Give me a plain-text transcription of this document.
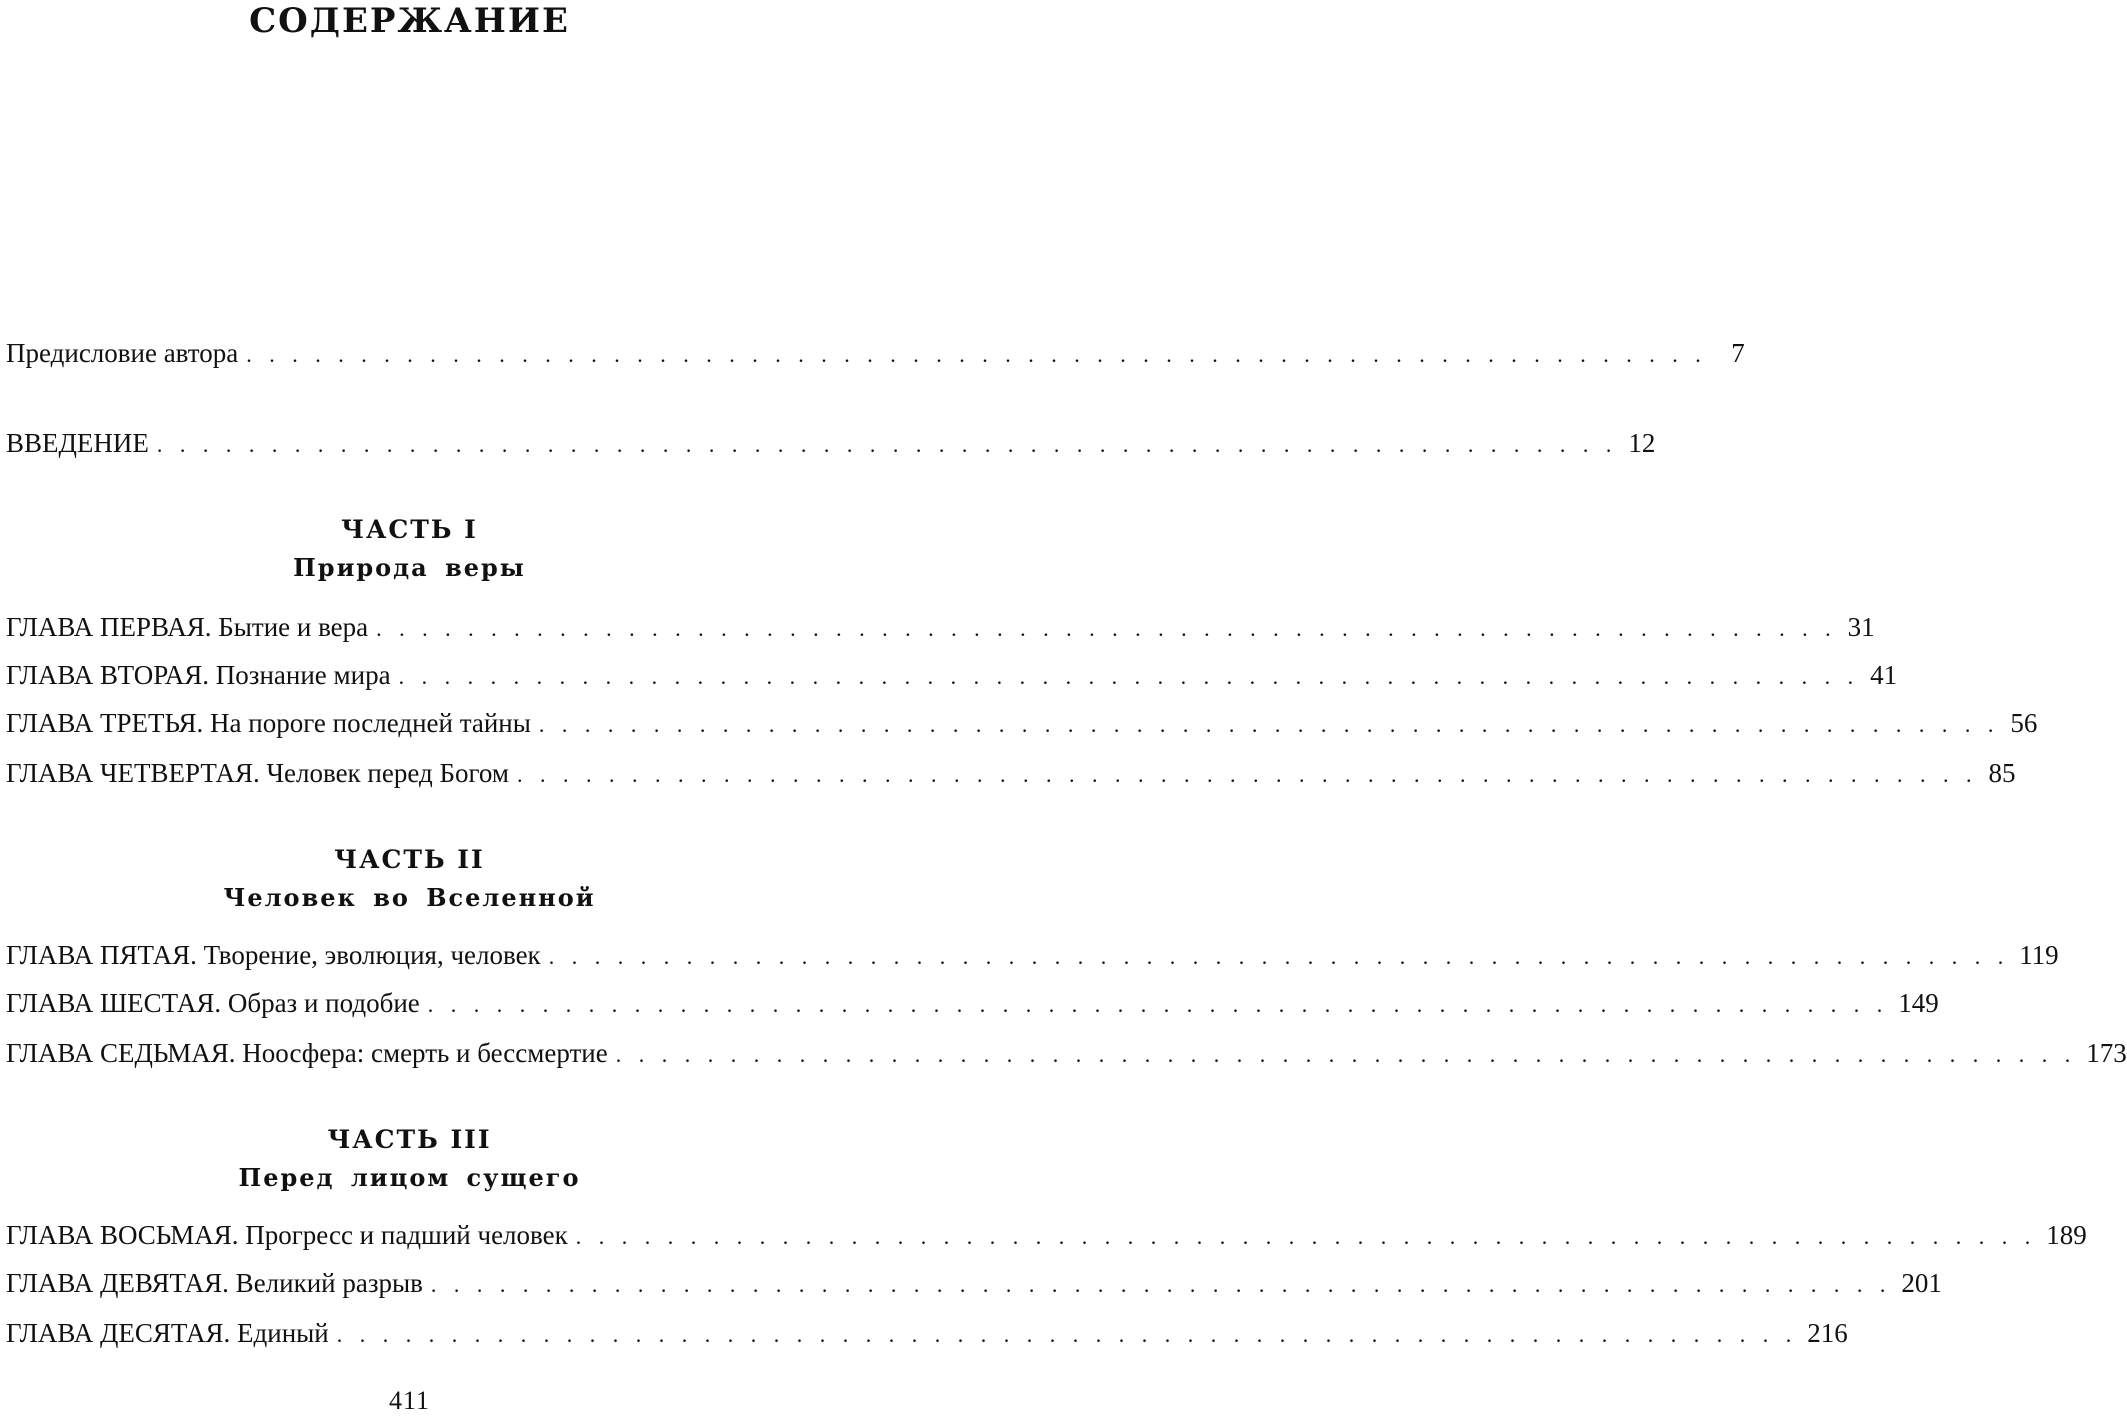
СОДЕРЖАНИЕ
Предисловие автора . . . . . . . . . . . . . . . . . . . . . . . . . . . . . . . . . . . . . . . . . . . . . . . . . . . . . . . . . . . . . . . . 7
ВВЕДЕНИЕ . . . . . . . . . . . . . . . . . . . . . . . . . . . . . . . . . . . . . . . . . . . . . . . . . . . . . . . . . . . . . . . . 12
ЧАСТЬ I
Природа веры
ГЛАВА ПЕРВАЯ. Бытие и вера . . . . . . . . . . . . . . . . . . . . . . . . . . . . . . . . . . . . . . . . . . . . . . . . . . . . . . . . . . . . . . . . 31
ГЛАВА ВТОРАЯ. Познание мира . . . . . . . . . . . . . . . . . . . . . . . . . . . . . . . . . . . . . . . . . . . . . . . . . . . . . . . . . . . . . . . . 41
ГЛАВА ТРЕТЬЯ. На пороге последней тайны . . . . . . . . . . . . . . . . . . . . . . . . . . . . . . . . . . . . . . . . . . . . . . . . . . . . . . . . . . . . . . . . 56
ГЛАВА ЧЕТВЕРТАЯ. Человек перед Богом . . . . . . . . . . . . . . . . . . . . . . . . . . . . . . . . . . . . . . . . . . . . . . . . . . . . . . . . . . . . . . . . 85
ЧАСТЬ II
Человек во Вселенной
ГЛАВА ПЯТАЯ. Творение, эволюция, человек . . . . . . . . . . . . . . . . . . . . . . . . . . . . . . . . . . . . . . . . . . . . . . . . . . . . . . . . . . . . . . . . 119
ГЛАВА ШЕСТАЯ. Образ и подобие . . . . . . . . . . . . . . . . . . . . . . . . . . . . . . . . . . . . . . . . . . . . . . . . . . . . . . . . . . . . . . . . 149
ГЛАВА СЕДЬМАЯ. Ноосфера: смерть и бессмертие . . . . . . . . . . . . . . . . . . . . . . . . . . . . . . . . . . . . . . . . . . . . . . . . . . . . . . . . . . . . . . . . 173
ЧАСТЬ III
Перед лицом сущего
ГЛАВА ВОСЬМАЯ. Прогресс и падший человек . . . . . . . . . . . . . . . . . . . . . . . . . . . . . . . . . . . . . . . . . . . . . . . . . . . . . . . . . . . . . . . . 189
ГЛАВА ДЕВЯТАЯ. Великий разрыв . . . . . . . . . . . . . . . . . . . . . . . . . . . . . . . . . . . . . . . . . . . . . . . . . . . . . . . . . . . . . . . . 201
ГЛАВА ДЕСЯТАЯ. Единый . . . . . . . . . . . . . . . . . . . . . . . . . . . . . . . . . . . . . . . . . . . . . . . . . . . . . . . . . . . . . . . . 216
411
